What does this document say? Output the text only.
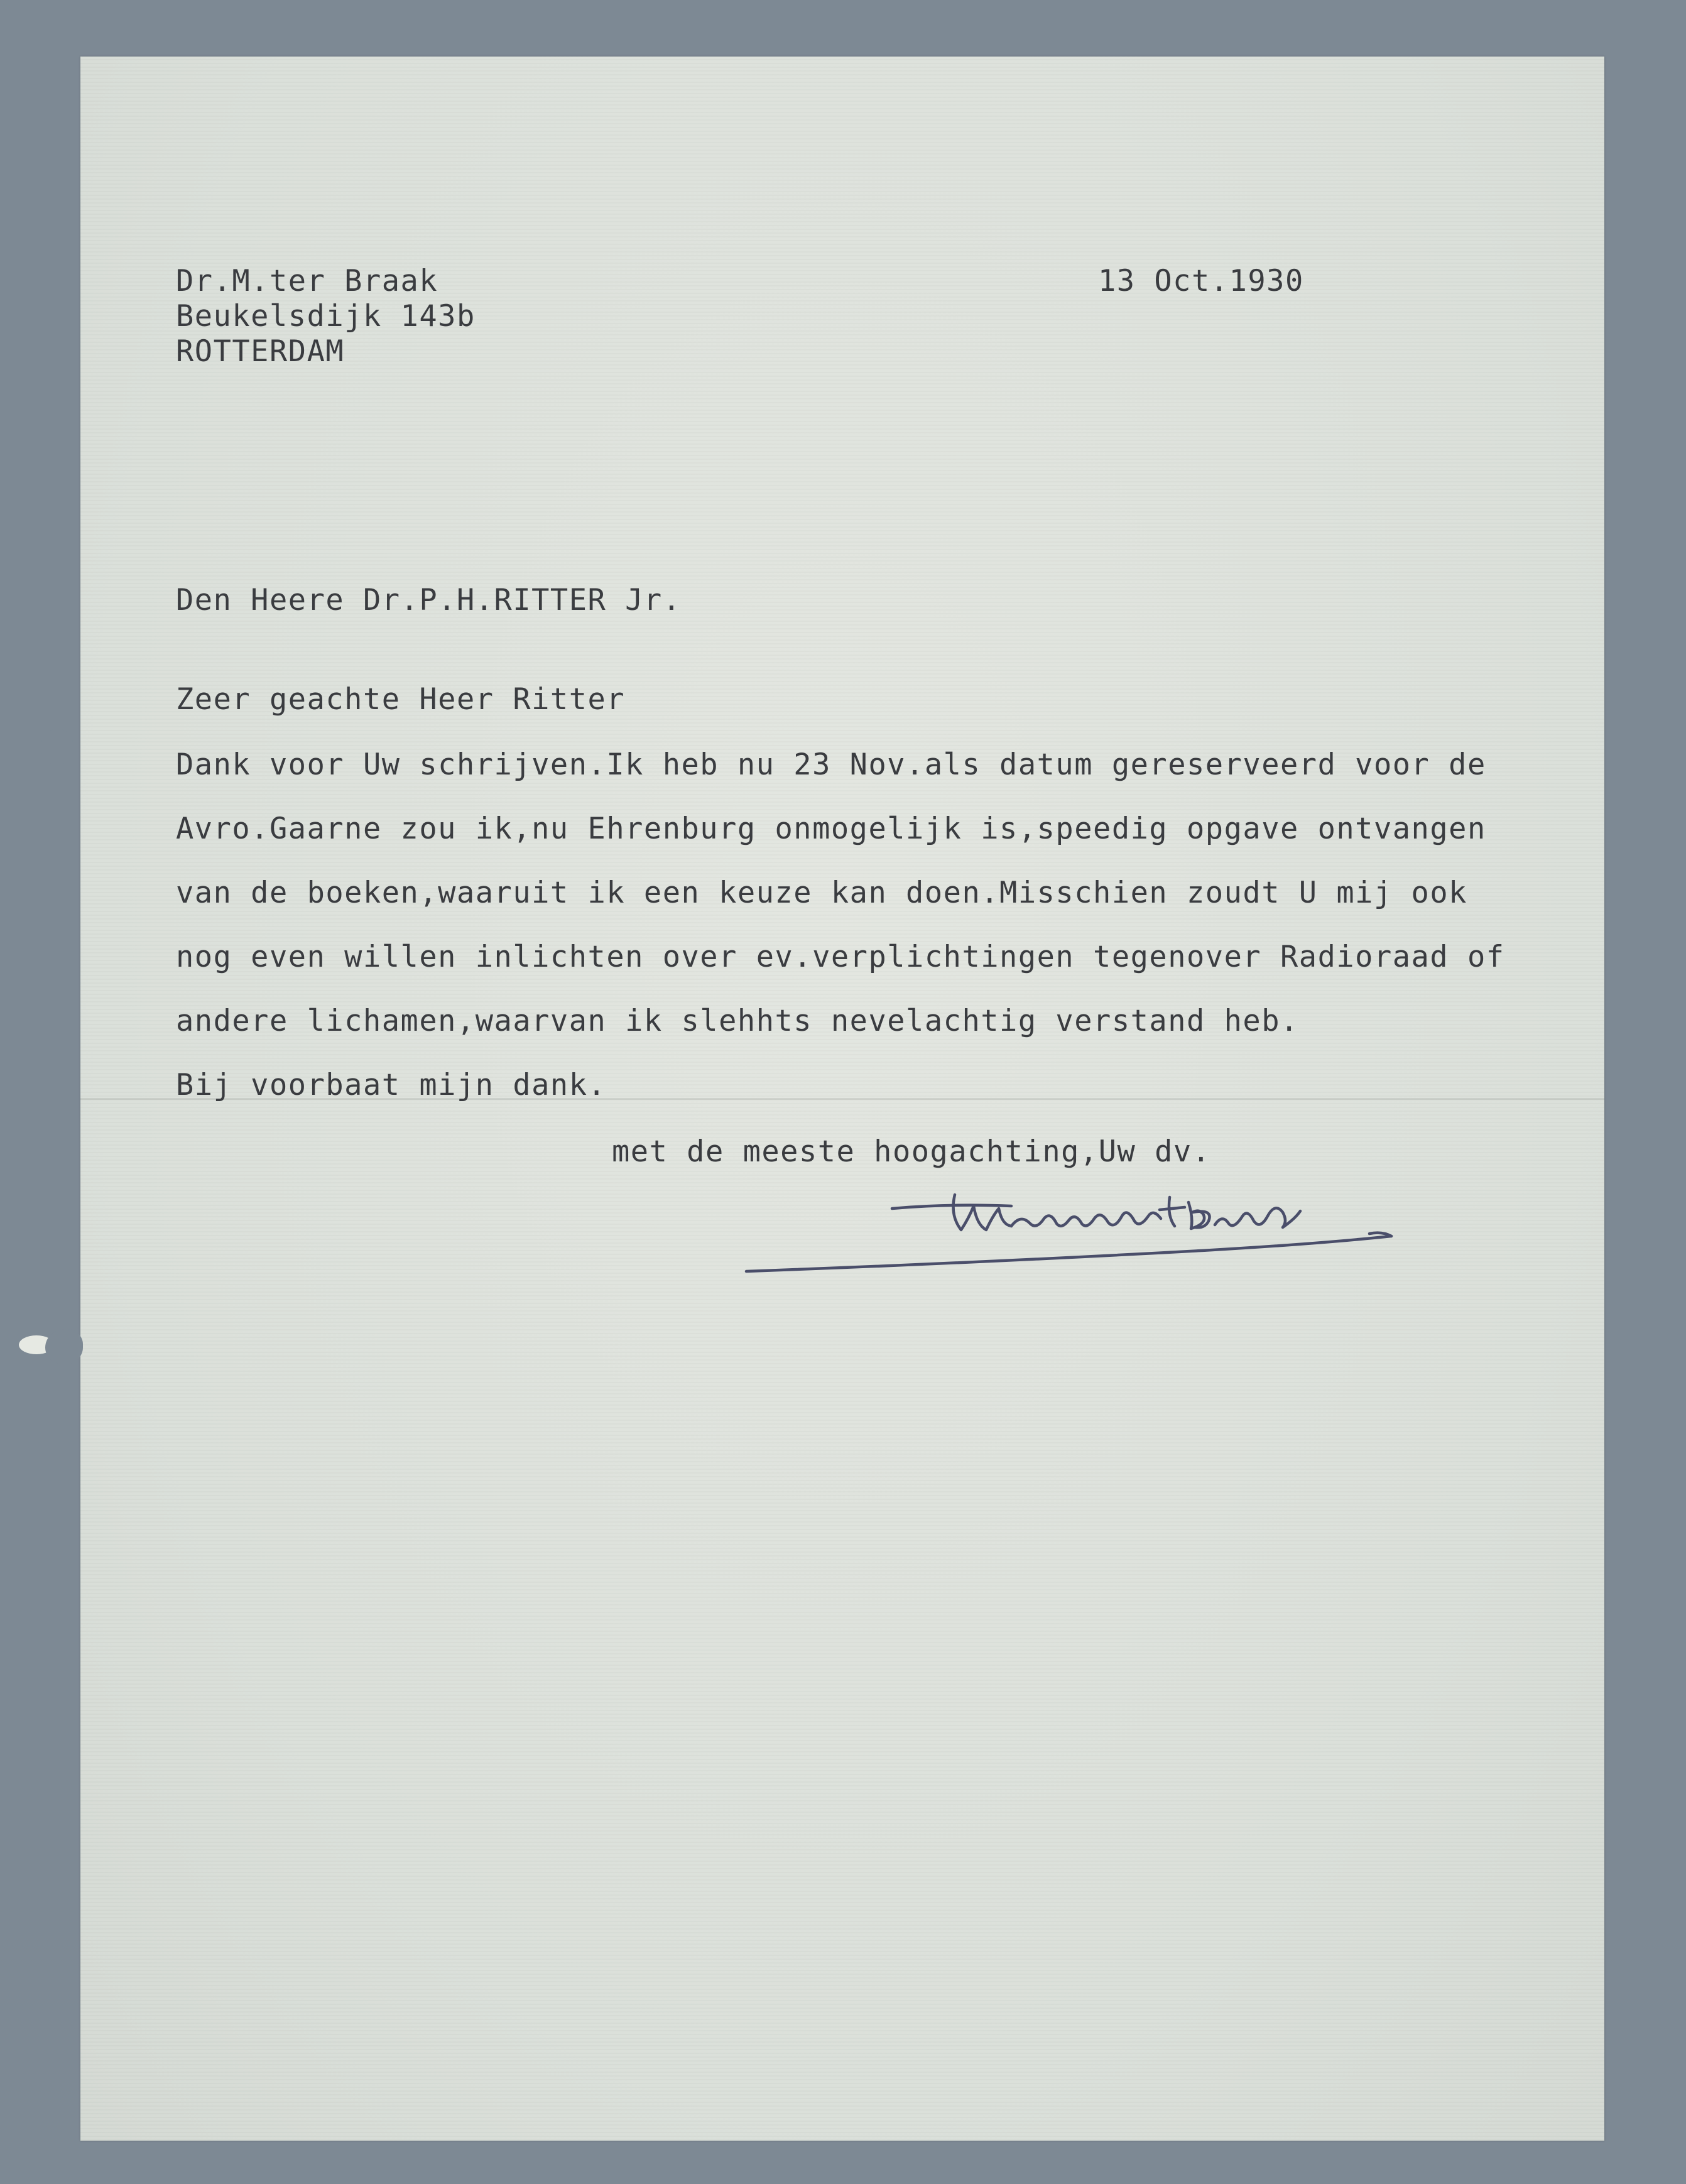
Dr.M.ter Braak
Beukelsdijk 143b
ROTTERDAM
13 Oct.1930
Den Heere Dr.P.H.RITTER Jr.
Zeer geachte Heer Ritter
Dank voor Uw schrijven.Ik heb nu 23 Nov.als datum gereserveerd voor de
Avro.Gaarne zou ik,nu Ehrenburg onmogelijk is,speedig opgave ontvangen
van de boeken,waaruit ik een keuze kan doen.Misschien zoudt U mij ook
nog even willen inlichten over ev.verplichtingen tegenover Radioraad of
andere lichamen,waarvan ik slehhts nevelachtig verstand heb.
Bij voorbaat mijn dank.
met de meeste hoogachting,Uw dv.
